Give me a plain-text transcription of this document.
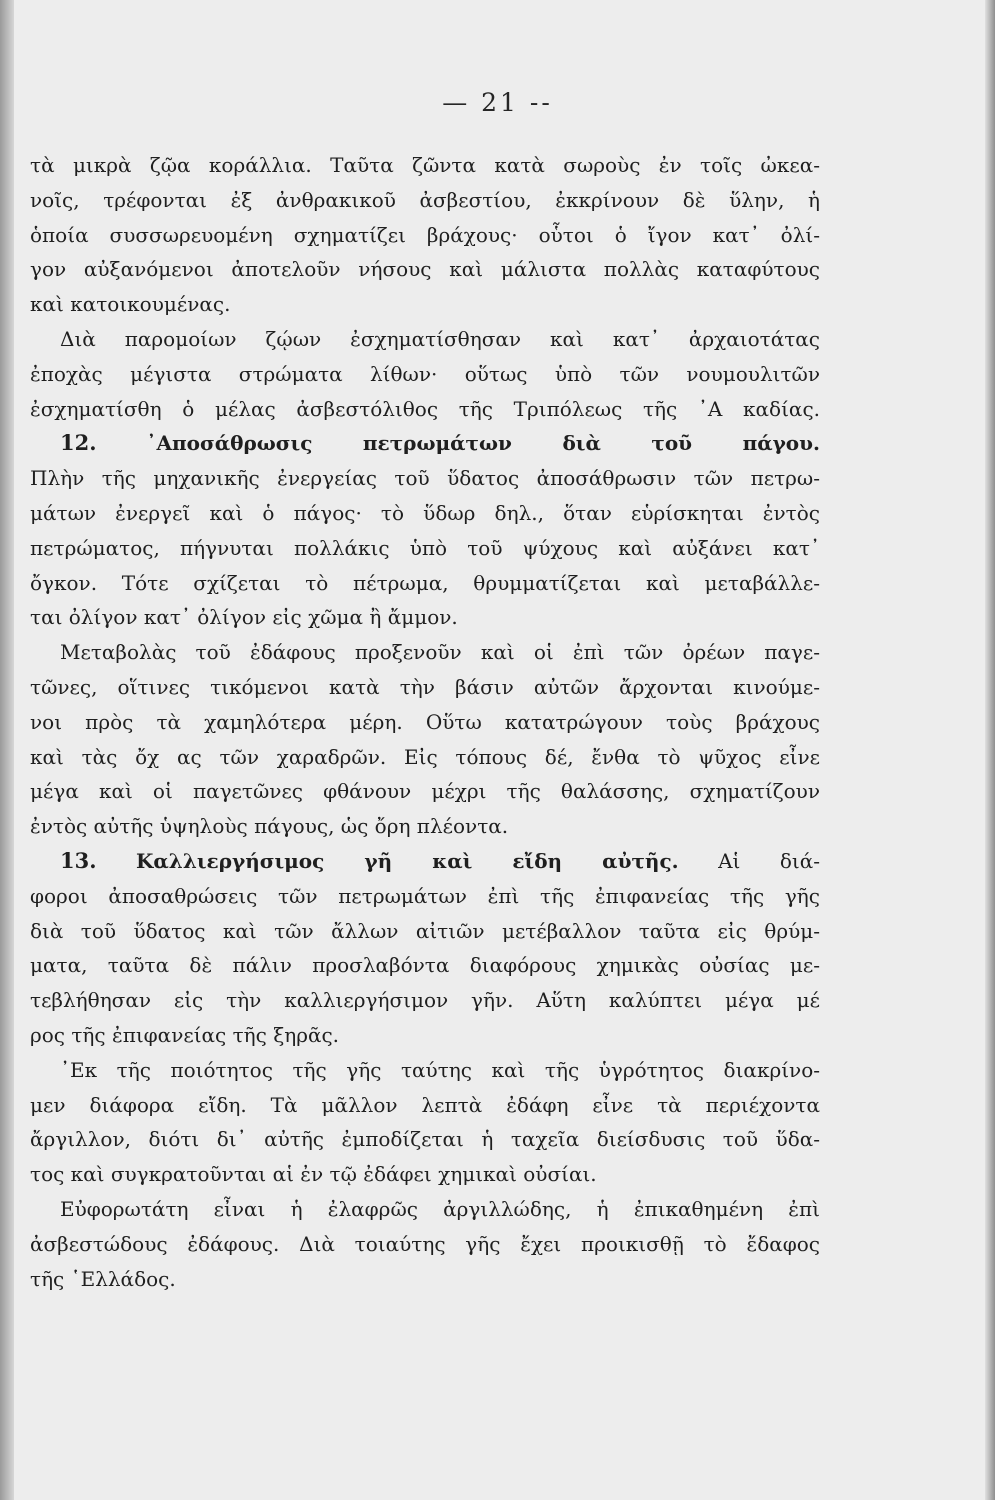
— 21 --
τὰ μικρὰ ζῷα κοράλλια. Ταῦτα ζῶντα κατὰ σωρoὺς ἐν τοῖς ὠκεα-
νοῖς, τρέφονται ἐξ ἀνθρακικοῦ ἀσβεστίου, ἐκκρίνουν δὲ ὕλην, ἡ
ὁποία συσσωρευομένη σχηματίζει βράχους· οὗτοι ὁ ἴγον κατ᾽ ὀλί-
γον αὐξανόμενοι ἀποτελοῦν νήσους καὶ μάλιστα πολλὰς καταφύτους
καὶ κατοικουμένας.
Διὰ παρομοίων ζῴων ἐσχηματίσθησαν καὶ κατ᾽ ἀρχαιοτάτας
ἐποχὰς μέγιστα στρώματα λίθων· οὕτως ὑπὸ τῶν νουμουλιτῶν
ἐσχηματίσθη ὁ μέλας ἀσβεστόλιθος τῆς Τριπόλεως τῆς ᾽Α καδίας.
12. ᾽Αποσάθρωσις πετρωμάτων διὰ τοῦ πάγου.
Πλὴν τῆς μηχανικῆς ἐνεργείας τοῦ ὕδατος ἀποσάθρωσιν τῶν πετρω-
μάτων ἐνεργεῖ καὶ ὁ πάγος· τὸ ὕδωρ δηλ., ὅταν εὑρίσκηται ἐντὸς
πετρώματος, πήγνυται πολλάκις ὑπὸ τοῦ ψύχους καὶ αὐξάνει κατ᾽
ὄγκον. Τότε σχίζεται τὸ πέτρωμα, θρυμματίζεται καὶ μεταβάλλε-
ται ὀλίγον κατ᾽ ὀλίγον εἰς χῶμα ἢ ἄμμον.
Μεταβολὰς τοῦ ἐδάφους προξενοῦν καὶ οἱ ἐπὶ τῶν ὀρέων παγε-
τῶνες, οἵτινες τικόμενοι κατὰ τὴν βάσιν αὐτῶν ἄρχονται κινούμε-
νοι πρὸς τὰ χαμηλότερα μέρη. Οὕτω κατατρώγουν τοὺς βράχους
καὶ τὰς ὄχ ας τῶν χαραδρῶν. Εἰς τόπους δέ, ἔνθα τὸ ψῦχος εἶνε
μέγα καὶ οἱ παγετῶνες φθάνουν μέχρι τῆς θαλάσσης, σχηματίζουν
ἐντὸς αὐτῆς ὑψηλοὺς πάγους, ὡς ὄρη πλέοντα.
13. Καλλιεργήσιμος γῆ καὶ εἴδη αὐτῆς. Αἱ διά-
φοροι ἀποσαθρώσεις τῶν πετρωμάτων ἐπὶ τῆς ἐπιφανείας τῆς γῆς
διὰ τοῦ ὕδατος καὶ τῶν ἄλλων αἰτιῶν μετέβαλλον ταῦτα εἰς θρύμ-
ματα, ταῦτα δὲ πάλιν προσλαβόντα διαφόρους χημικὰς οὐσίας με-
τεβλήθησαν εἰς τὴν καλλιεργήσιμον γῆν. Αὕτη καλύπτει μέγα μέ
ρος τῆς ἐπιφανείας τῆς ξηρᾶς.
᾽Εκ τῆς ποιότητος τῆς γῆς ταύτης καὶ τῆς ὑγρότητος διακρίνο-
μεν διάφορα εἴδη. Τὰ μᾶλλον λεπτὰ ἐδάφη εἶνε τὰ περιέχοντα
ἄργιλλον, διότι δι᾽ αὐτῆς ἐμποδίζεται ἡ ταχεῖα διείσδυσις τοῦ ὕδα-
τος καὶ συγκρατοῦνται αἱ ἐν τῷ ἐδάφει χημικαὶ οὐσίαι.
Εὐφορωτάτη εἶναι ἡ ἐλαφρῶς ἀργιλλώδης, ἡ ἐπικαθημένη ἐπὶ
ἀσβεστώδους ἐδάφους. Διὰ τοιαύτης γῆς ἔχει προικισθῇ τὸ ἔδαφος
τῆς ῾Ελλάδος.
